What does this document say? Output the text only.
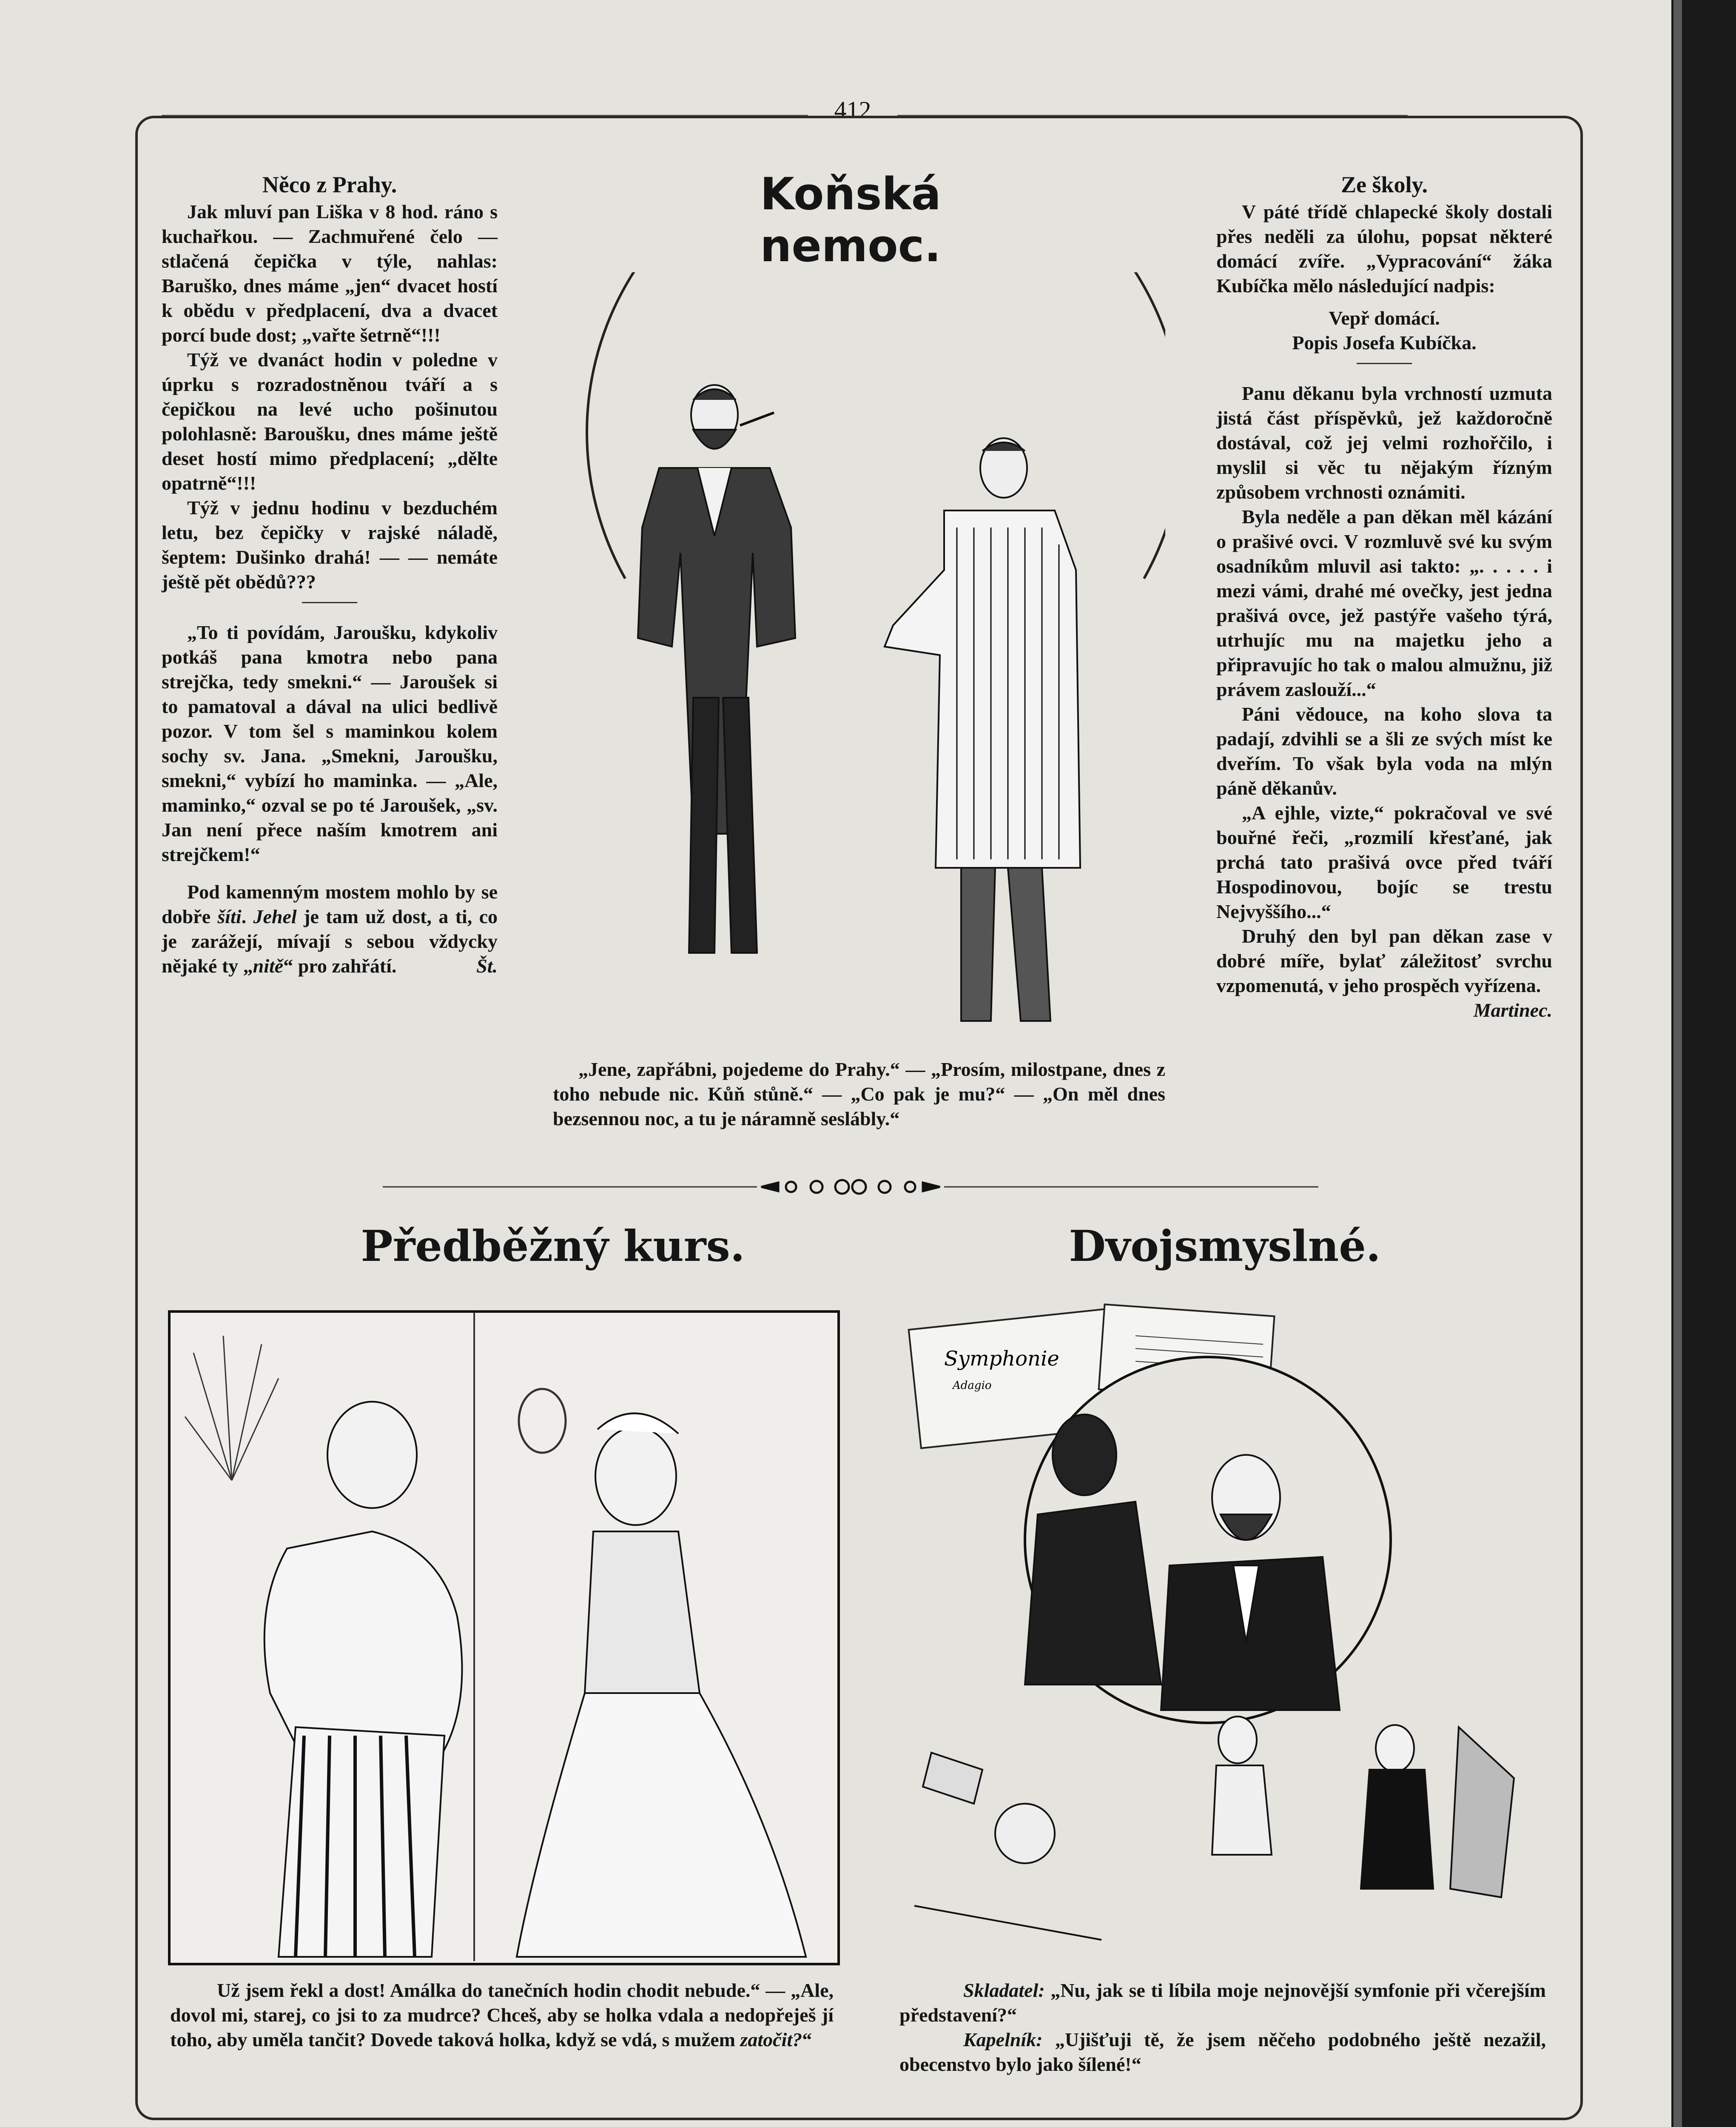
412

Něco z Prahy.

Jak mluví pan Liška v 8 hod. ráno s kuchařkou. — Zachmuřené čelo — stlačená čepička v týle, nahlas: Baruško, dnes máme „jen“ dvacet hostí k obědu v předplacení, dva a dvacet porcí bude dost; „vařte šetrně“!!!

Týž ve dvanáct hodin v poledne v úprku s rozradostněnou tváří a s čepičkou na levé ucho pošinutou polohlasně: Baroušku, dnes máme ještě deset hostí mimo předplacení; „dělte opatrně“!!!

Týž v jednu hodinu v bezduchém letu, bez čepičky v rajské náladě, šeptem: Dušinko drahá! — — nemáte ještě pět obědů???

„To ti povídám, Jaroušku, kdykoliv potkáš pana kmotra nebo pana strejčka, tedy smekni.“ — Jaroušek si to pamatoval a dával na ulici bedlivě pozor. V tom šel s maminkou kolem sochy sv. Jana. „Smekni, Jaroušku, smekni,“ vybízí ho maminka. — „Ale, maminko,“ ozval se po té Jaroušek, „sv. Jan není přece naším kmotrem ani strejčkem!“

Pod kamenným mostem mohlo by se dobře šíti. Jehel je tam už dost, a ti, co je zarážejí, mívají s sebou vždycky nějaké ty „nitě“ pro zahřátí.	Št.

Koňská nemoc.
„Jene, zapřábni, pojedeme do Prahy.“ — „Prosím, milostpane, dnes z toho nebude nic. Kůň stůně.“ — „Co pak je mu?“ — „On měl dnes bezsennou noc, a tu je náramně seslábly.“

Ze školy.

V páté třídě chlapecké školy dostali přes neděli za úlohu, popsat některé domácí zvíře. „Vypracování“ žáka Kubíčka mělo následující nadpis:

Vepř domácí.

Popis Josefa Kubíčka.

Panu děkanu byla vrchností uzmuta jistá část příspěvků, jež každoročně dostával, což jej velmi rozhořčilo, i myslil si věc tu nějakým řízným způsobem vrchnosti oznámiti.

Byla neděle a pan děkan měl kázání o prašivé ovci. V rozmluvě své ku svým osadníkům mluvil asi takto: „. . . . . i mezi vámi, drahé mé ovečky, jest jedna prašivá ovce, jež pastýře vašeho týrá, utrhujíc mu na majetku jeho a připravujíc ho tak o malou almužnu, již právem zaslouží...“

Páni vědouce, na koho slova ta padají, zdvihli se a šli ze svých míst ke dveřím. To však byla voda na mlýn páně děkanův.

„A ejhle, vizte,“ pokračoval ve své bouřné řeči, „rozmilí křesťané, jak prchá tato prašivá ovce před tváří Hospodinovou, bojíc se trestu Nejvyššího...“

Druhý den byl pan děkan zase v dobré míře, bylať záležitosť svrchu vzpomenutá, v jeho prospěch vyřízena.
Martinec.

Předběžný kurs.
Už jsem řekl a dost! Amálka do tanečních hodin chodit nebude.“ — „Ale, dovol mi, starej, co jsi to za mudrce? Chceš, aby se holka vdala a nedopřeješ jí toho, aby uměla tančit? Dovede taková holka, když se vdá, s mužem zatočit?“
Dvojsmyslné.
Symphonie
Adagio

Skladatel: „Nu, jak se ti líbila moje nejnovější symfonie při včerejším představení?“

Kapelník: „Ujišťuji tě, že jsem něčeho podobného ještě nezažil, obecenstvo bylo jako šílené!“
